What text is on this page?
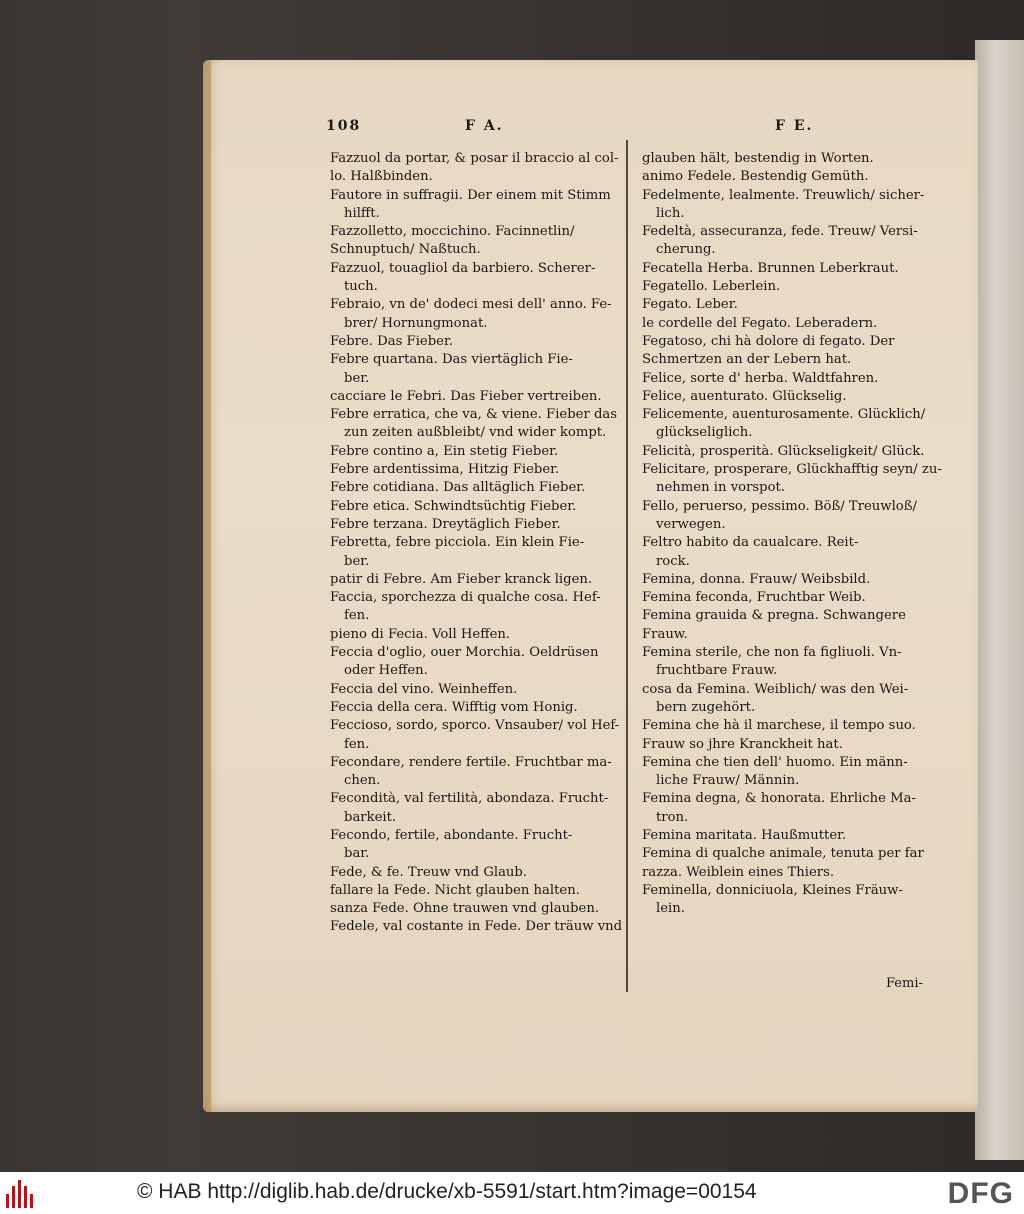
108	F A.	F E.
Fazzuol da portar, & posar il braccio al col-
lo. Halßbinden.
Fautore in suffragii. Der einem mit Stimm
hilfft.
Fazzolletto, moccichino. Facinnetlin/
Schnuptuch/ Naßtuch.
Fazzuol, touagliol da barbiero. Scherer-
tuch.
Febraio, vn de' dodeci mesi dell' anno. Fe-
brer/ Hornungmonat.
Febre. Das Fieber.
Febre quartana. Das viertäglich Fie-
ber.
cacciare le Febri. Das Fieber vertreiben.
Febre erratica, che va, & viene. Fieber das
zun zeiten außbleibt/ vnd wider kompt.
Febre contino a, Ein stetig Fieber.
Febre ardentissima, Hitzig Fieber.
Febre cotidiana. Das alltäglich Fieber.
Febre etica. Schwindtsüchtig Fieber.
Febre terzana. Dreytäglich Fieber.
Febretta, febre picciola. Ein klein Fie-
ber.
patir di Febre. Am Fieber kranck ligen.
Faccia, sporchezza di qualche cosa. Hef-
fen.
pieno di Fecia. Voll Heffen.
Feccia d'oglio, ouer Morchia. Oeldrüsen
oder Heffen.
Feccia del vino. Weinheffen.
Feccia della cera. Wifftig vom Honig.
Fecciosо, sordo, sporco. Vnsauber/ vol Hef-
fen.
Fecondare, rendere fertile. Fruchtbar ma-
chen.
Fecondità, val fertilità, abondaza. Frucht-
barkeit.
Fecondo, fertile, abondante. Frucht-
bar.
Fede, & fe. Treuw vnd Glaub.
fallare la Fede. Nicht glauben halten.
sanza Fede. Ohne trauwen vnd glauben.
Fedele, val costante in Fede. Der träuw vnd
glauben hält, bestendig in Worten.
animo Fedele. Bestendig Gemüth.
Fedelmente, lealmente. Treuwlich/ sicher-
lich.
Fedeltà, assecuranza, fede. Treuw/ Versi-
cherung.
Fecatella Herba. Brunnen Leberkraut.
Fegatello. Leberlein.
Fegato. Leber.
le cordelle del Fegato. Leberadern.
Fegatoso, chi hà dolore di fegato. Der
Schmertzen an der Lebern hat.
Felice, sorte d' herba. Waldtfahren.
Felice, auenturato. Glückselig.
Felicemente, auenturosamente. Glücklich/
glückseliglich.
Felicità, prosperità. Glückseligkeit/ Glück.
Felicitare, prosperare, Glückhafftig seyn/ zu-
nehmen in vorspot.
Fello, peruerso, pessimo. Böß/ Treuwloß/
verwegen.
Feltro habito da caualcare. Reit-
rock.
Femina, donna. Frauw/ Weibsbild.
Femina feconda, Fruchtbar Weib.
Femina grauida & pregna. Schwangere
Frauw.
Femina sterile, che non fa figliuoli. Vn-
fruchtbare Frauw.
cosa da Femina. Weiblich/ was den Wei-
bern zugehört.
Femina che hà il marchese, il tempo suo.
Frauw so jhre Kranckheit hat.
Femina che tien dell' huomo. Ein männ-
liche Frauw/ Männin.
Femina degna, & honorata. Ehrliche Ma-
tron.
Femina maritata. Haußmutter.
Femina di qualche animale, tenuta per far
razza. Weiblein eines Thiers.
Feminella, donniciuola, Kleines Fräuw-
lein.
Femi-
© HAB http://diglib.hab.de/drucke/xb-5591/start.htm?image=00154	DFG
